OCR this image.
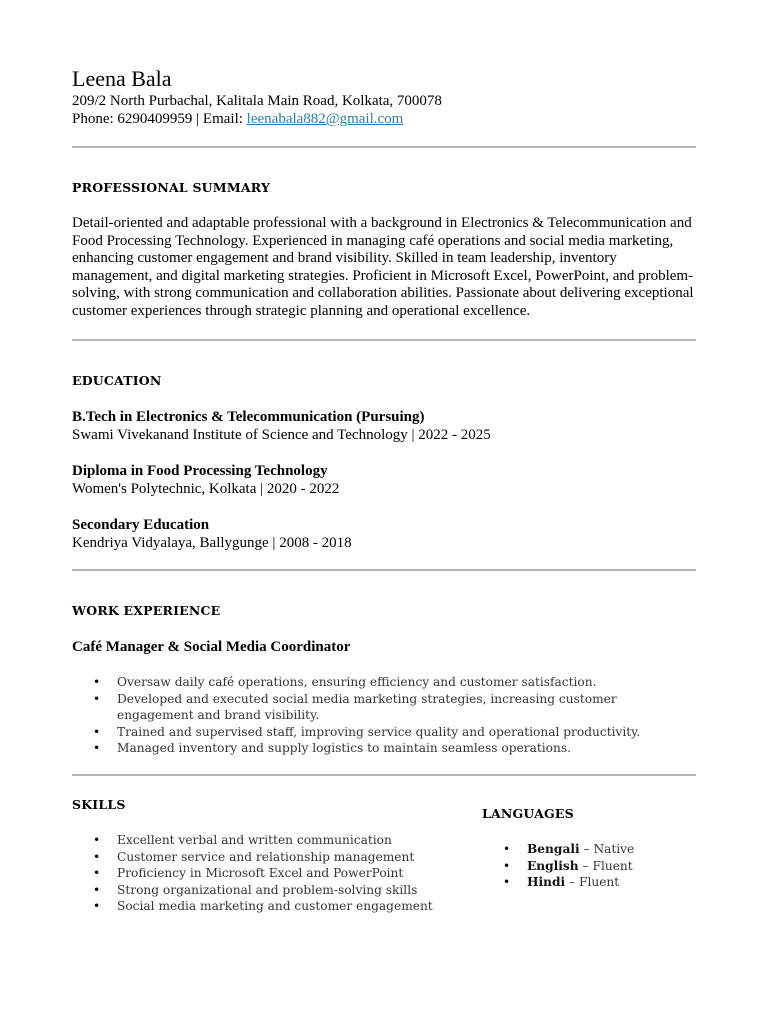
Leena Bala
209/2 North Purbachal, Kalitala Main Road, Kolkata, 700078
Phone: 6290409959 | Email: leenabala882@gmail.com
PROFESSIONAL SUMMARY

Detail-oriented and adaptable professional with a background in Electronics & Telecommunication and Food Processing Technology. Experienced in managing café operations and social media marketing, enhancing customer engagement and brand visibility. Skilled in team leadership, inventory management, and digital marketing strategies. Proficient in Microsoft Excel, PowerPoint, and problem-solving, with strong communication and collaboration abilities. Passionate about delivering exceptional customer experiences through strategic planning and operational excellence.

EDUCATION
B.Tech in Electronics & Telecommunication (Pursuing)
Swami Vivekanand Institute of Science and Technology | 2022 - 2025
Diploma in Food Processing Technology
Women's Polytechnic, Kolkata | 2020 - 2022
Secondary Education
Kendriya Vidyalaya, Ballygunge | 2008 - 2018
WORK EXPERIENCE
Café Manager & Social Media Coordinator
• Oversaw daily café operations, ensuring efficiency and customer satisfaction.
• Developed and executed social media marketing strategies, increasing customer engagement and brand visibility.
• Trained and supervised staff, improving service quality and operational productivity.
• Managed inventory and supply logistics to maintain seamless operations.
SKILLS
• Excellent verbal and written communication
• Customer service and relationship management
• Proficiency in Microsoft Excel and PowerPoint
• Strong organizational and problem-solving skills
• Social media marketing and customer engagement
LANGUAGES
• Bengali – Native
• English – Fluent
• Hindi – Fluent
